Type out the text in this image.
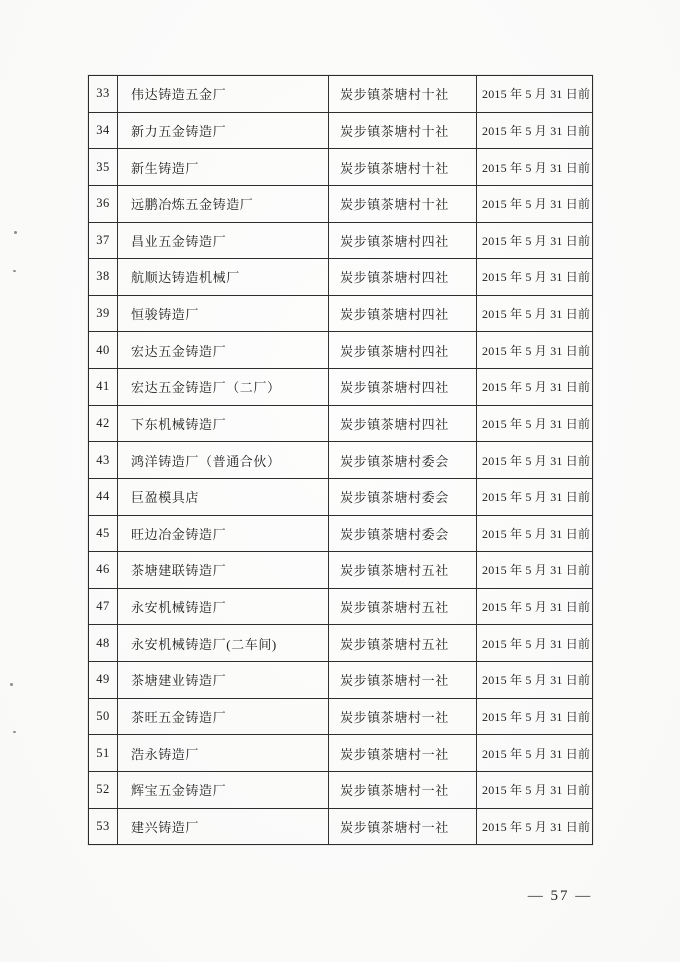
33	伟达铸造五金厂	炭步镇茶塘村十社	2015 年 5 月 31 日前
34	新力五金铸造厂	炭步镇茶塘村十社	2015 年 5 月 31 日前
35	新生铸造厂	炭步镇茶塘村十社	2015 年 5 月 31 日前
36	远鹏冶炼五金铸造厂	炭步镇茶塘村十社	2015 年 5 月 31 日前
37	昌业五金铸造厂	炭步镇茶塘村四社	2015 年 5 月 31 日前
38	航顺达铸造机械厂	炭步镇茶塘村四社	2015 年 5 月 31 日前
39	恒骏铸造厂	炭步镇茶塘村四社	2015 年 5 月 31 日前
40	宏达五金铸造厂	炭步镇茶塘村四社	2015 年 5 月 31 日前
41	宏达五金铸造厂（二厂）	炭步镇茶塘村四社	2015 年 5 月 31 日前
42	下东机械铸造厂	炭步镇茶塘村四社	2015 年 5 月 31 日前
43	鸿洋铸造厂（普通合伙）	炭步镇茶塘村委会	2015 年 5 月 31 日前
44	巨盈模具店	炭步镇茶塘村委会	2015 年 5 月 31 日前
45	旺边冶金铸造厂	炭步镇茶塘村委会	2015 年 5 月 31 日前
46	茶塘建联铸造厂	炭步镇茶塘村五社	2015 年 5 月 31 日前
47	永安机械铸造厂	炭步镇茶塘村五社	2015 年 5 月 31 日前
48	永安机械铸造厂(二车间)	炭步镇茶塘村五社	2015 年 5 月 31 日前
49	茶塘建业铸造厂	炭步镇茶塘村一社	2015 年 5 月 31 日前
50	茶旺五金铸造厂	炭步镇茶塘村一社	2015 年 5 月 31 日前
51	浩永铸造厂	炭步镇茶塘村一社	2015 年 5 月 31 日前
52	辉宝五金铸造厂	炭步镇茶塘村一社	2015 年 5 月 31 日前
53	建兴铸造厂	炭步镇茶塘村一社	2015 年 5 月 31 日前
— 57 —
